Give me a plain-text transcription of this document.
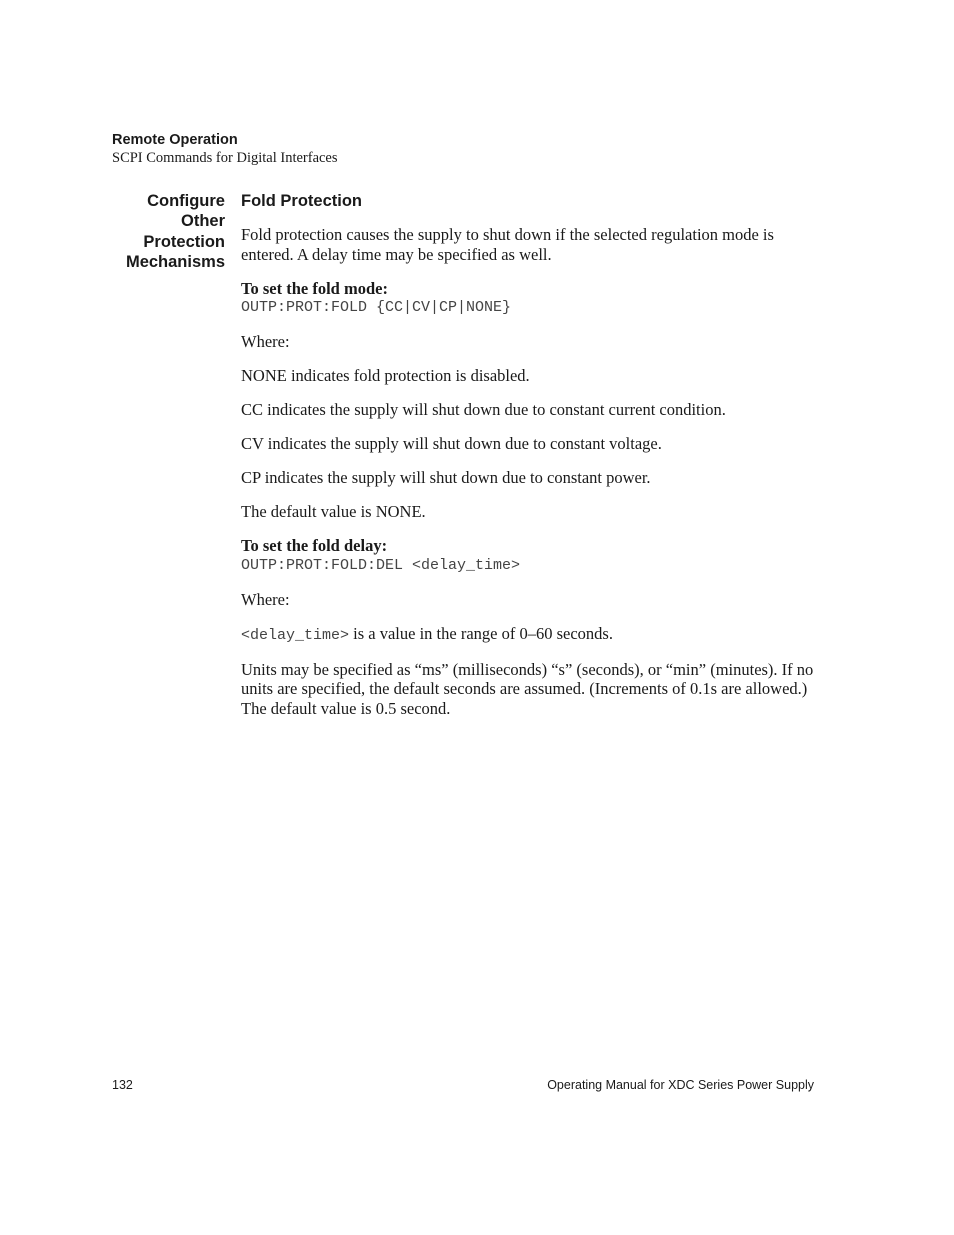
Remote Operation
SCPI Commands for Digital Interfaces
Configure
Other
Protection
Mechanisms
Fold Protection

Fold protection causes the supply to shut down if the selected regulation mode is entered. A delay time may be specified as well.

To set the fold mode:
OUTP:PROT:FOLD {CC|CV|CP|NONE}

Where:

NONE indicates fold protection is disabled.

CC indicates the supply will shut down due to constant current condition.

CV indicates the supply will shut down due to constant voltage.

CP indicates the supply will shut down due to constant power.

The default value is NONE.

To set the fold delay:
OUTP:PROT:FOLD:DEL <delay_time>

Where:

<delay_time> is a value in the range of 0–60 seconds.

Units may be specified as “ms” (milliseconds) “s” (seconds), or “min” (minutes). If no units are specified, the default seconds are assumed. (Increments of 0.1s are allowed.) The default value is 0.5 second.

132	Operating Manual for XDC Series Power Supply
